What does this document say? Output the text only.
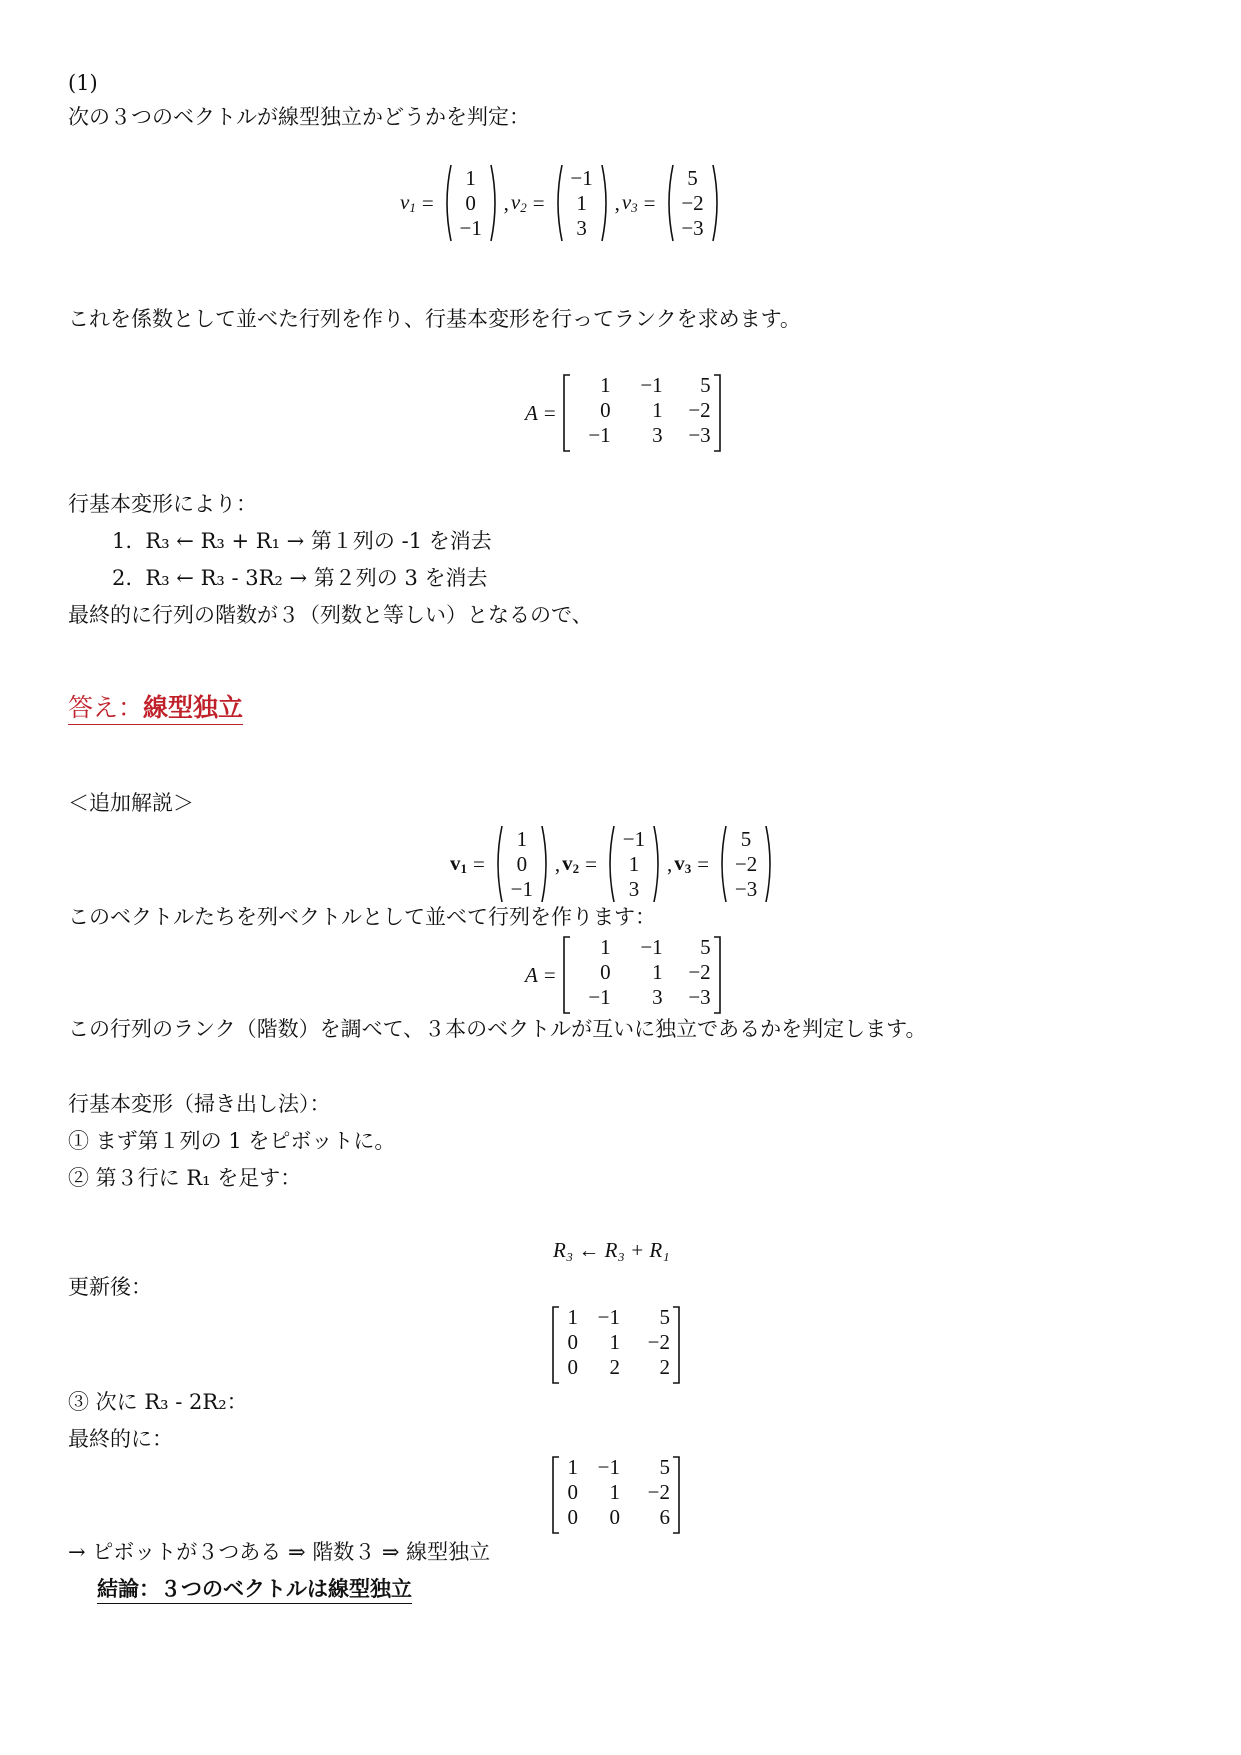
(1)
次の３つのベクトルが線型独立かどうかを判定：
$v_1$ =
1
0
−1
, $v_2$ =
−1
1
3
, $v_3$ =
5
−2
−3
これを係数として並べた行列を作り、行基本変形を行ってランクを求めます。
A =
1	−1	5
0	1	−2
−1	3	−3
行基本変形により：
1. R₃ ← R₃ + R₁ → 第１列の -1 を消去
2. R₃ ← R₃ - 3R₂ → 第２列の 3 を消去
最終的に行列の階数が３（列数と等しい）となるので、
答え：線型独立
＜追加解説＞
$v_1$ =
1
0
−1
, $v_2$ =
−1
1
3
, $v_3$ =
5
−2
−3
このベクトルたちを列ベクトルとして並べて行列を作ります：
A =
1	−1	5
0	1	−2
−1	3	−3
この行列のランク（階数）を調べて、３本のベクトルが互いに独立であるかを判定します。
行基本変形（掃き出し法）：
① まず第１列の 1 をピボットに。
② 第３行に R₁ を足す：
R₃ ← R₃ + R₁
更新後：
1 −1	5
0	1	−2
0	2	2
③ 次に R₃ - 2R₂：
最終的に：
1 −1	5
0	1	−2
0	0	6
→ ピボットが３つある ⇒ 階数３ ⇒ 線型独立
結論：３つのベクトルは線型独立
